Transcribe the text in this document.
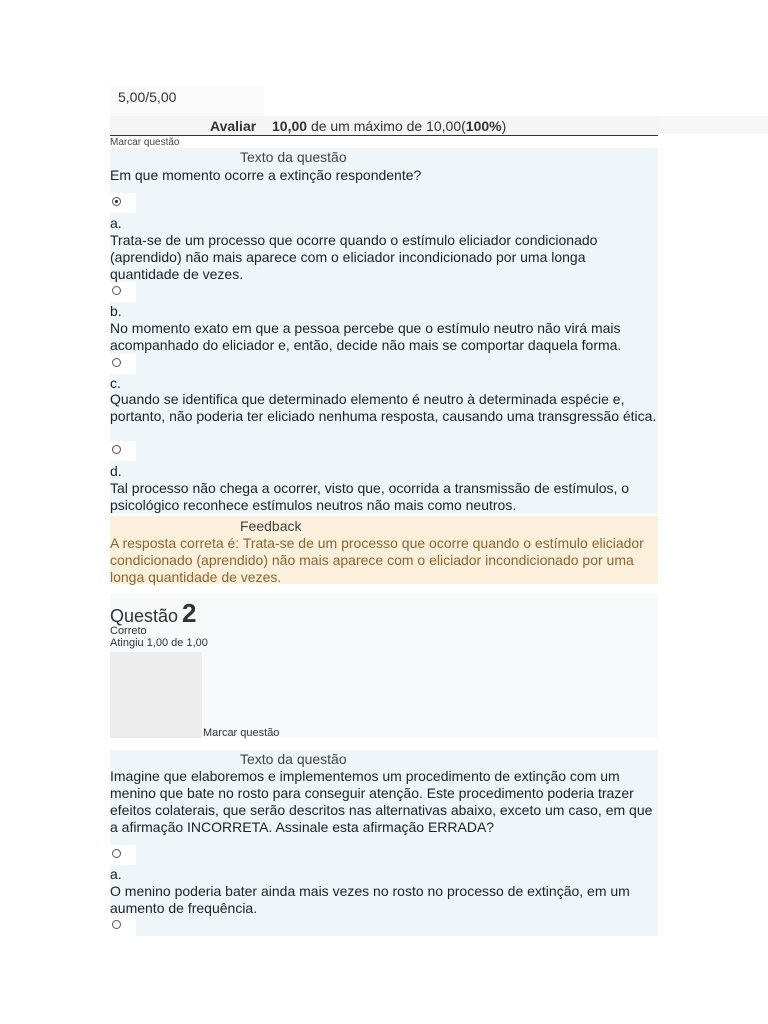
5,00/5,00
Avaliar 10,00 de um máximo de 10,00(100%)
Marcar questão
Texto da questão
Em que momento ocorre a extinção respondente?
a.
Trata-se de um processo que ocorre quando o estímulo eliciador condicionado (aprendido) não mais aparece com o eliciador incondicionado por uma longa quantidade de vezes.
b.
No momento exato em que a pessoa percebe que o estímulo neutro não virá mais acompanhado do eliciador e, então, decide não mais se comportar daquela forma.
c.
Quando se identifica que determinado elemento é neutro à determinada espécie e, portanto, não poderia ter eliciado nenhuma resposta, causando uma transgressão ética.
d.
Tal processo não chega a ocorrer, visto que, ocorrida a transmissão de estímulos, o psicológico reconhece estímulos neutros não mais como neutros.
Feedback
A resposta correta é: Trata-se de um processo que ocorre quando o estímulo eliciador condicionado (aprendido) não mais aparece com o eliciador incondicionado por uma longa quantidade de vezes.
Questão 2
Correto
Atingiu 1,00 de 1,00
Marcar questão
Texto da questão
Imagine que elaboremos e implementemos um procedimento de extinção com um menino que bate no rosto para conseguir atenção. Este procedimento poderia trazer efeitos colaterais, que serão descritos nas alternativas abaixo, exceto um caso, em que a afirmação INCORRETA. Assinale esta afirmação ERRADA?
a.
O menino poderia bater ainda mais vezes no rosto no processo de extinção, em um aumento de frequência.
